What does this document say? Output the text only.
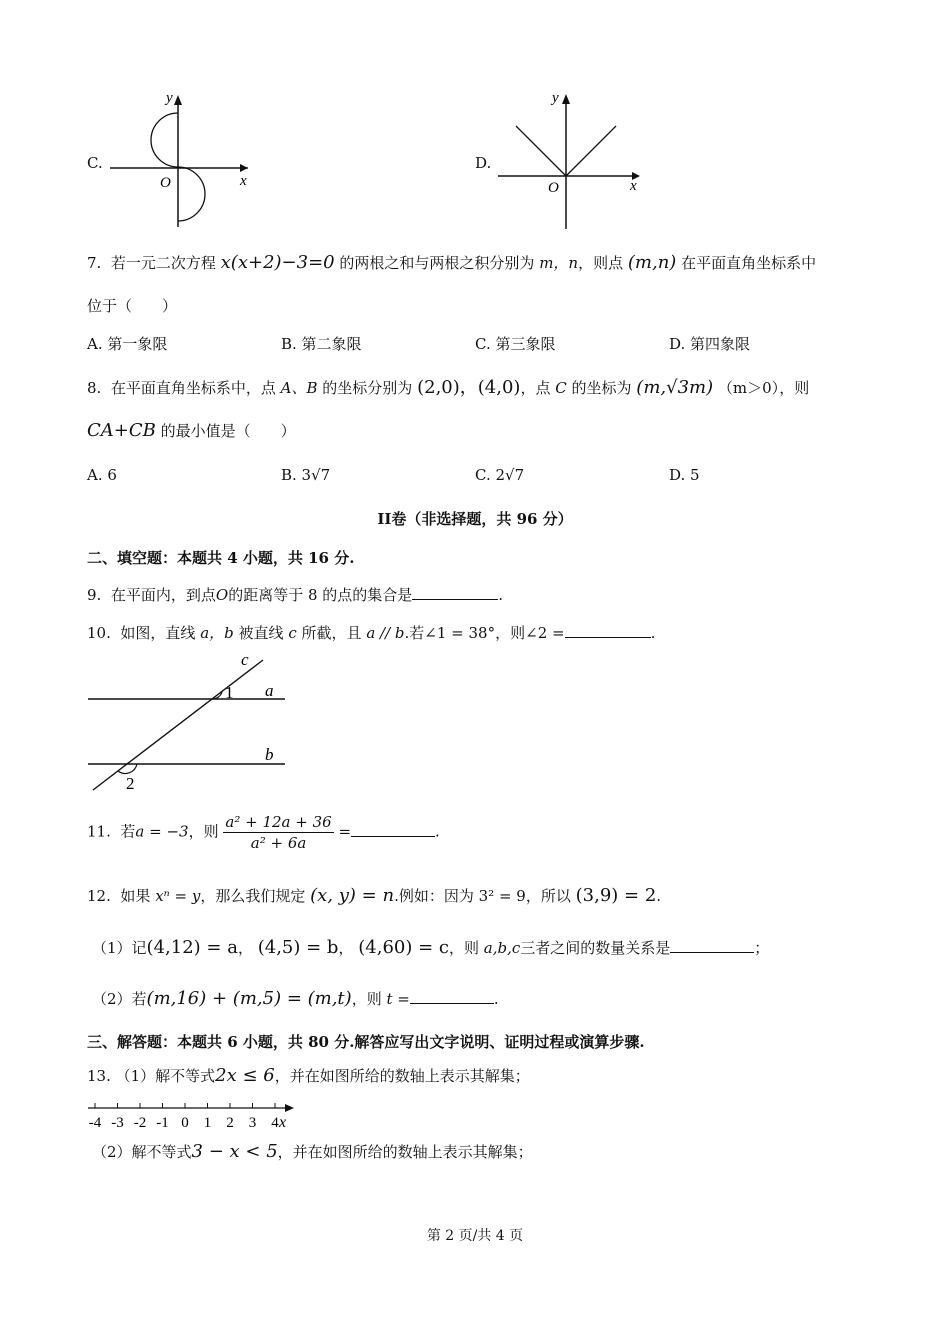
C.
y
x
O
D.
y
x
O
7. 若一元二次方程 x(x+2)−3=0 的两根之和与两根之积分别为 m，n，则点 (m,n) 在平面直角坐标系中
位于（　　）
A. 第一象限	B. 第二象限	C. 第三象限	D. 第四象限
8. 在平面直角坐标系中，点 A、B 的坐标分别为 (2,0)，(4,0)，点 C 的坐标为 (m,√3m) （m＞0），则
CA+CB 的最小值是（　　）
A. 6	B. 3√7	C. 2√7	D. 5
II卷（非选择题，共 96 分）
二、填空题：本题共 4 小题，共 16 分.
9. 在平面内，到点O的距离等于 8 的点的集合是	.
10. 如图，直线 a，b 被直线 c 所截，且 a // b.若∠1 = 38°，则∠2 =	.
c
1 a
b
2
11. 若a = −3，则 $\frac{\text{a² + 12a + 36}}{\text{a² + 6a}}$ =	.
12. 如果 xⁿ = y，那么我们规定 (x, y) = n.例如：因为 3² = 9，所以 (3,9) = 2.
（1）记(4,12) = a， (4,5) = b， (4,60) = c，则 a,b,c三者之间的数量关系是	；
（2）若(m,16) + (m,5) = (m,t)，则 t =	.
三、解答题：本题共 6 小题，共 80 分.解答应写出文字说明、证明过程或演算步骤.
13. （1）解不等式2x ≤ 6，并在如图所给的数轴上表示其解集；
-4 -3 -2 -1 0 1 2 3 4 x
（2）解不等式3 − x < 5，并在如图所给的数轴上表示其解集；
第 2 页/共 4 页
